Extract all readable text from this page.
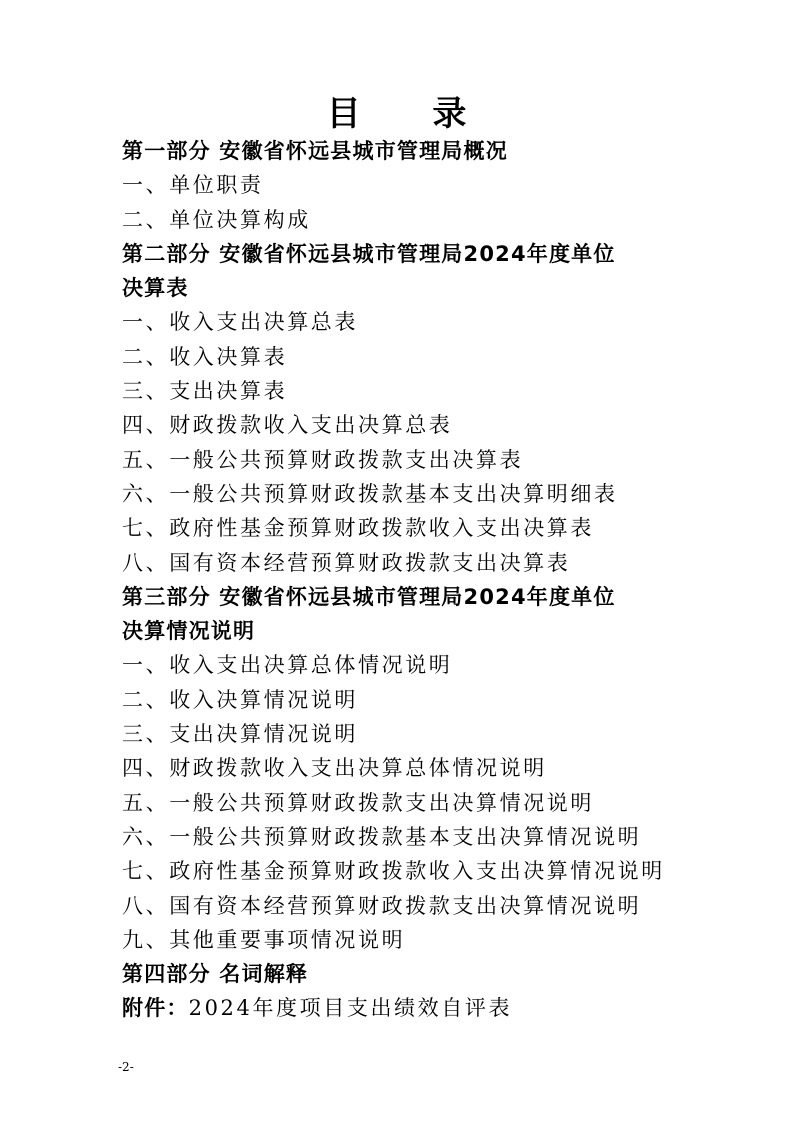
目 录
第一部分 安徽省怀远县城市管理局概况
一、单位职责
二、单位决算构成
第二部分 安徽省怀远县城市管理局2024年度单位
决算表
一、收入支出决算总表
二、收入决算表
三、支出决算表
四、财政拨款收入支出决算总表
五、一般公共预算财政拨款支出决算表
六、一般公共预算财政拨款基本支出决算明细表
七、政府性基金预算财政拨款收入支出决算表
八、国有资本经营预算财政拨款支出决算表
第三部分 安徽省怀远县城市管理局2024年度单位
决算情况说明
一、收入支出决算总体情况说明
二、收入决算情况说明
三、支出决算情况说明
四、财政拨款收入支出决算总体情况说明
五、一般公共预算财政拨款支出决算情况说明
六、一般公共预算财政拨款基本支出决算情况说明
七、政府性基金预算财政拨款收入支出决算情况说明
八、国有资本经营预算财政拨款支出决算情况说明
九、其他重要事项情况说明
第四部分 名词解释
附件：2024年度项目支出绩效自评表
-2-
